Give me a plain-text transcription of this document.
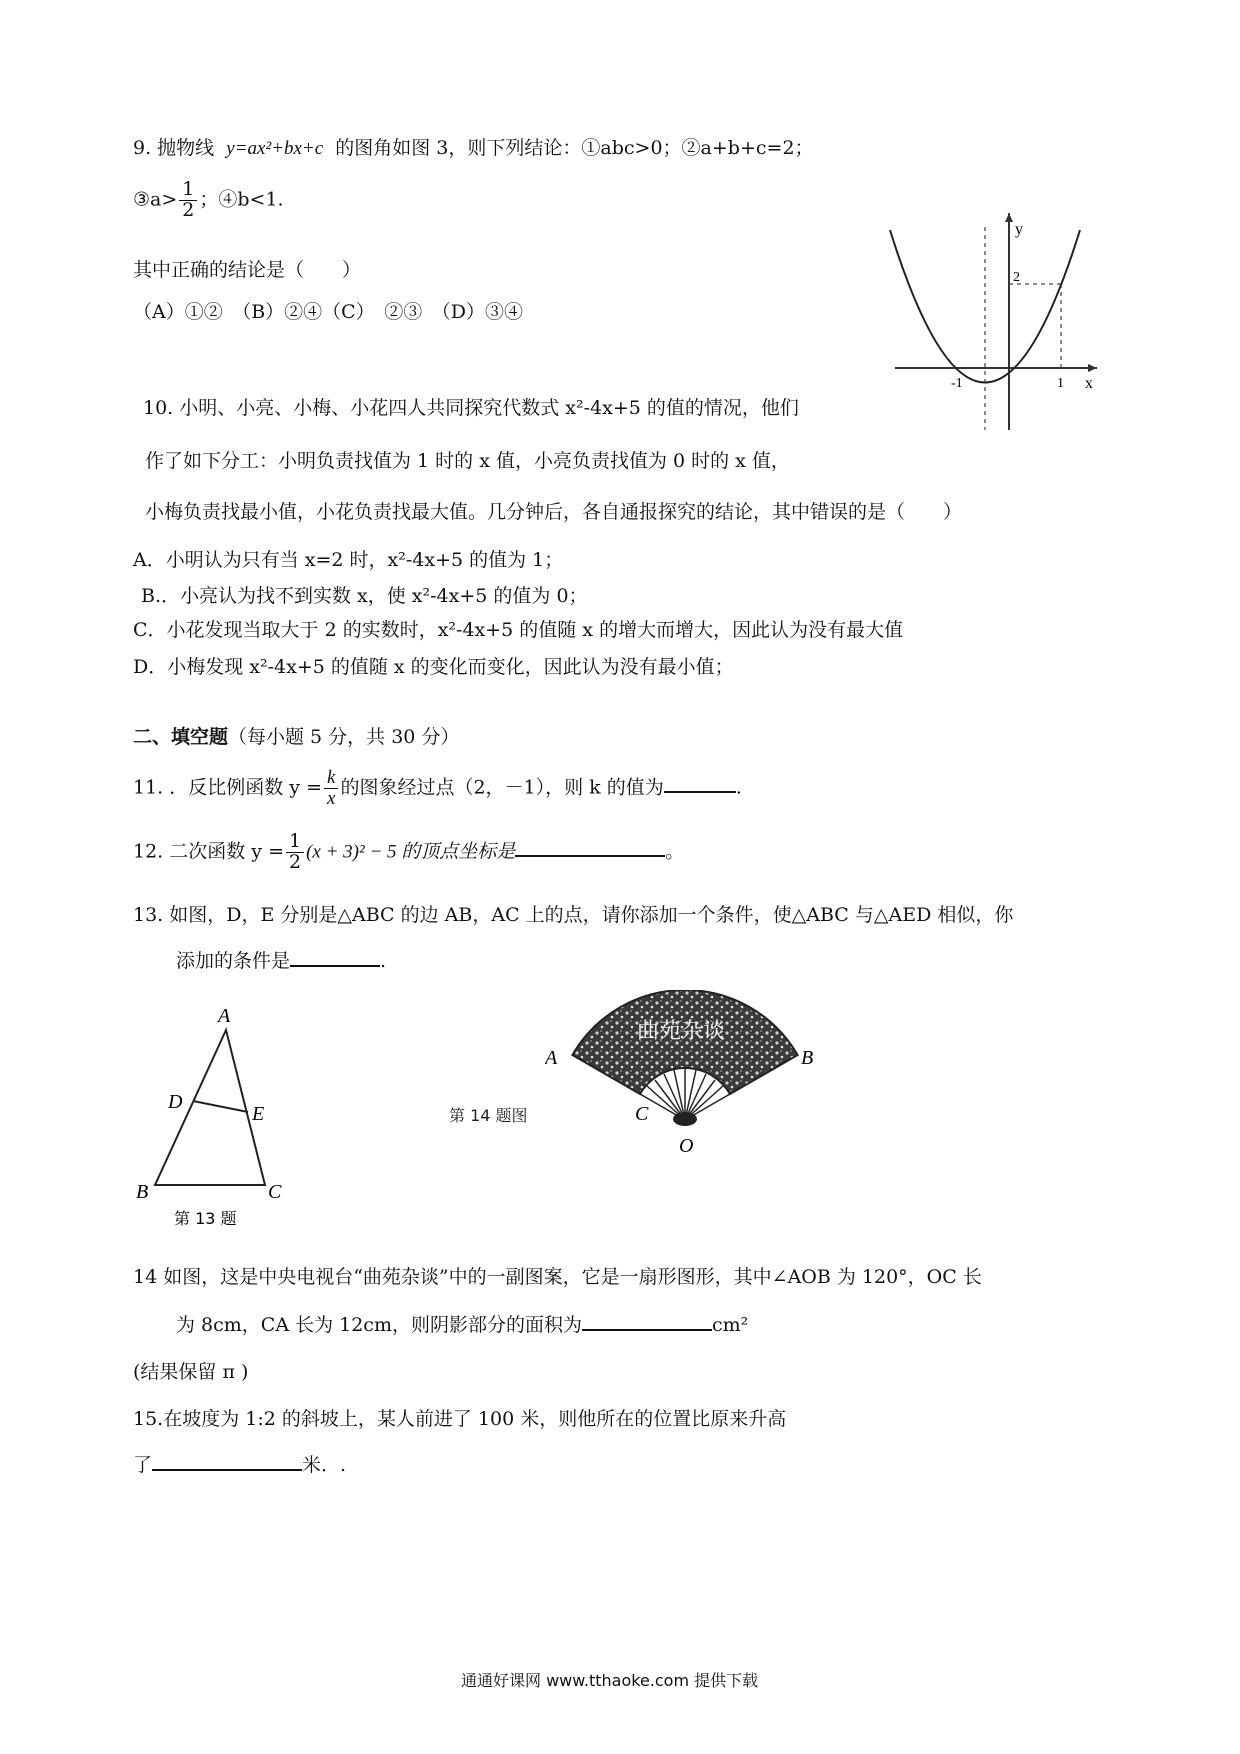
9. 抛物线 y=ax²+bx+c 的图角如图 3，则下列结论：①abc>0；②a+b+c=2；
③a> $\frac{1}{2}$ ；④b<1.
其中正确的结论是（　　）
（A）①②　（B）②④（C）　②③　（D）③④
y
x
2
-1	1
10. 小明、小亮、小梅、小花四人共同探究代数式 x²-4x+5 的值的情况，他们
作了如下分工：小明负责找值为 1 时的 x 值，小亮负责找值为 0 时的 x 值，
小梅负责找最小值，小花负责找最大值。几分钟后，各自通报探究的结论，其中错误的是（　　）
A．小明认为只有当 x=2 时，x²-4x+5 的值为 1；
B.．小亮认为找不到实数 x，使 x²-4x+5 的值为 0；
C．小花发现当取大于 2 的实数时，x²-4x+5 的值随 x 的增大而增大，因此认为没有最大值
D．小梅发现 x²-4x+5 的值随 x 的变化而变化，因此认为没有最小值；
二、填空题（每小题 5 分，共 30 分）
11. ．反比例函数 $y = \frac{k}{x}$ 的图象经过点（2，－1），则 k 的值为	.
12. 二次函数 $y = \frac{1}{2} (x + 3)^2 - 5$ 的顶点坐标是	。
13. 如图，D，E 分别是△ABC 的边 AB，AC 上的点，请你添加一个条件，使△ABC 与△AED 相似，你
添加的条件是	.
A
D
E
B	C
第 13 题
第 14 题图
曲苑杂谈
A	B
C
O
14 如图，这是中央电视台“曲苑杂谈”中的一副图案，它是一扇形图形，其中∠AOB 为 120°，OC 长
为 8cm，CA 长为 12cm，则阴影部分的面积为	cm²
(结果保留 π )
15.在坡度为 1:2 的斜坡上，某人前进了 100 米，则他所在的位置比原来升高
了	米．.
通通好课网 www.tthaoke.com 提供下载
